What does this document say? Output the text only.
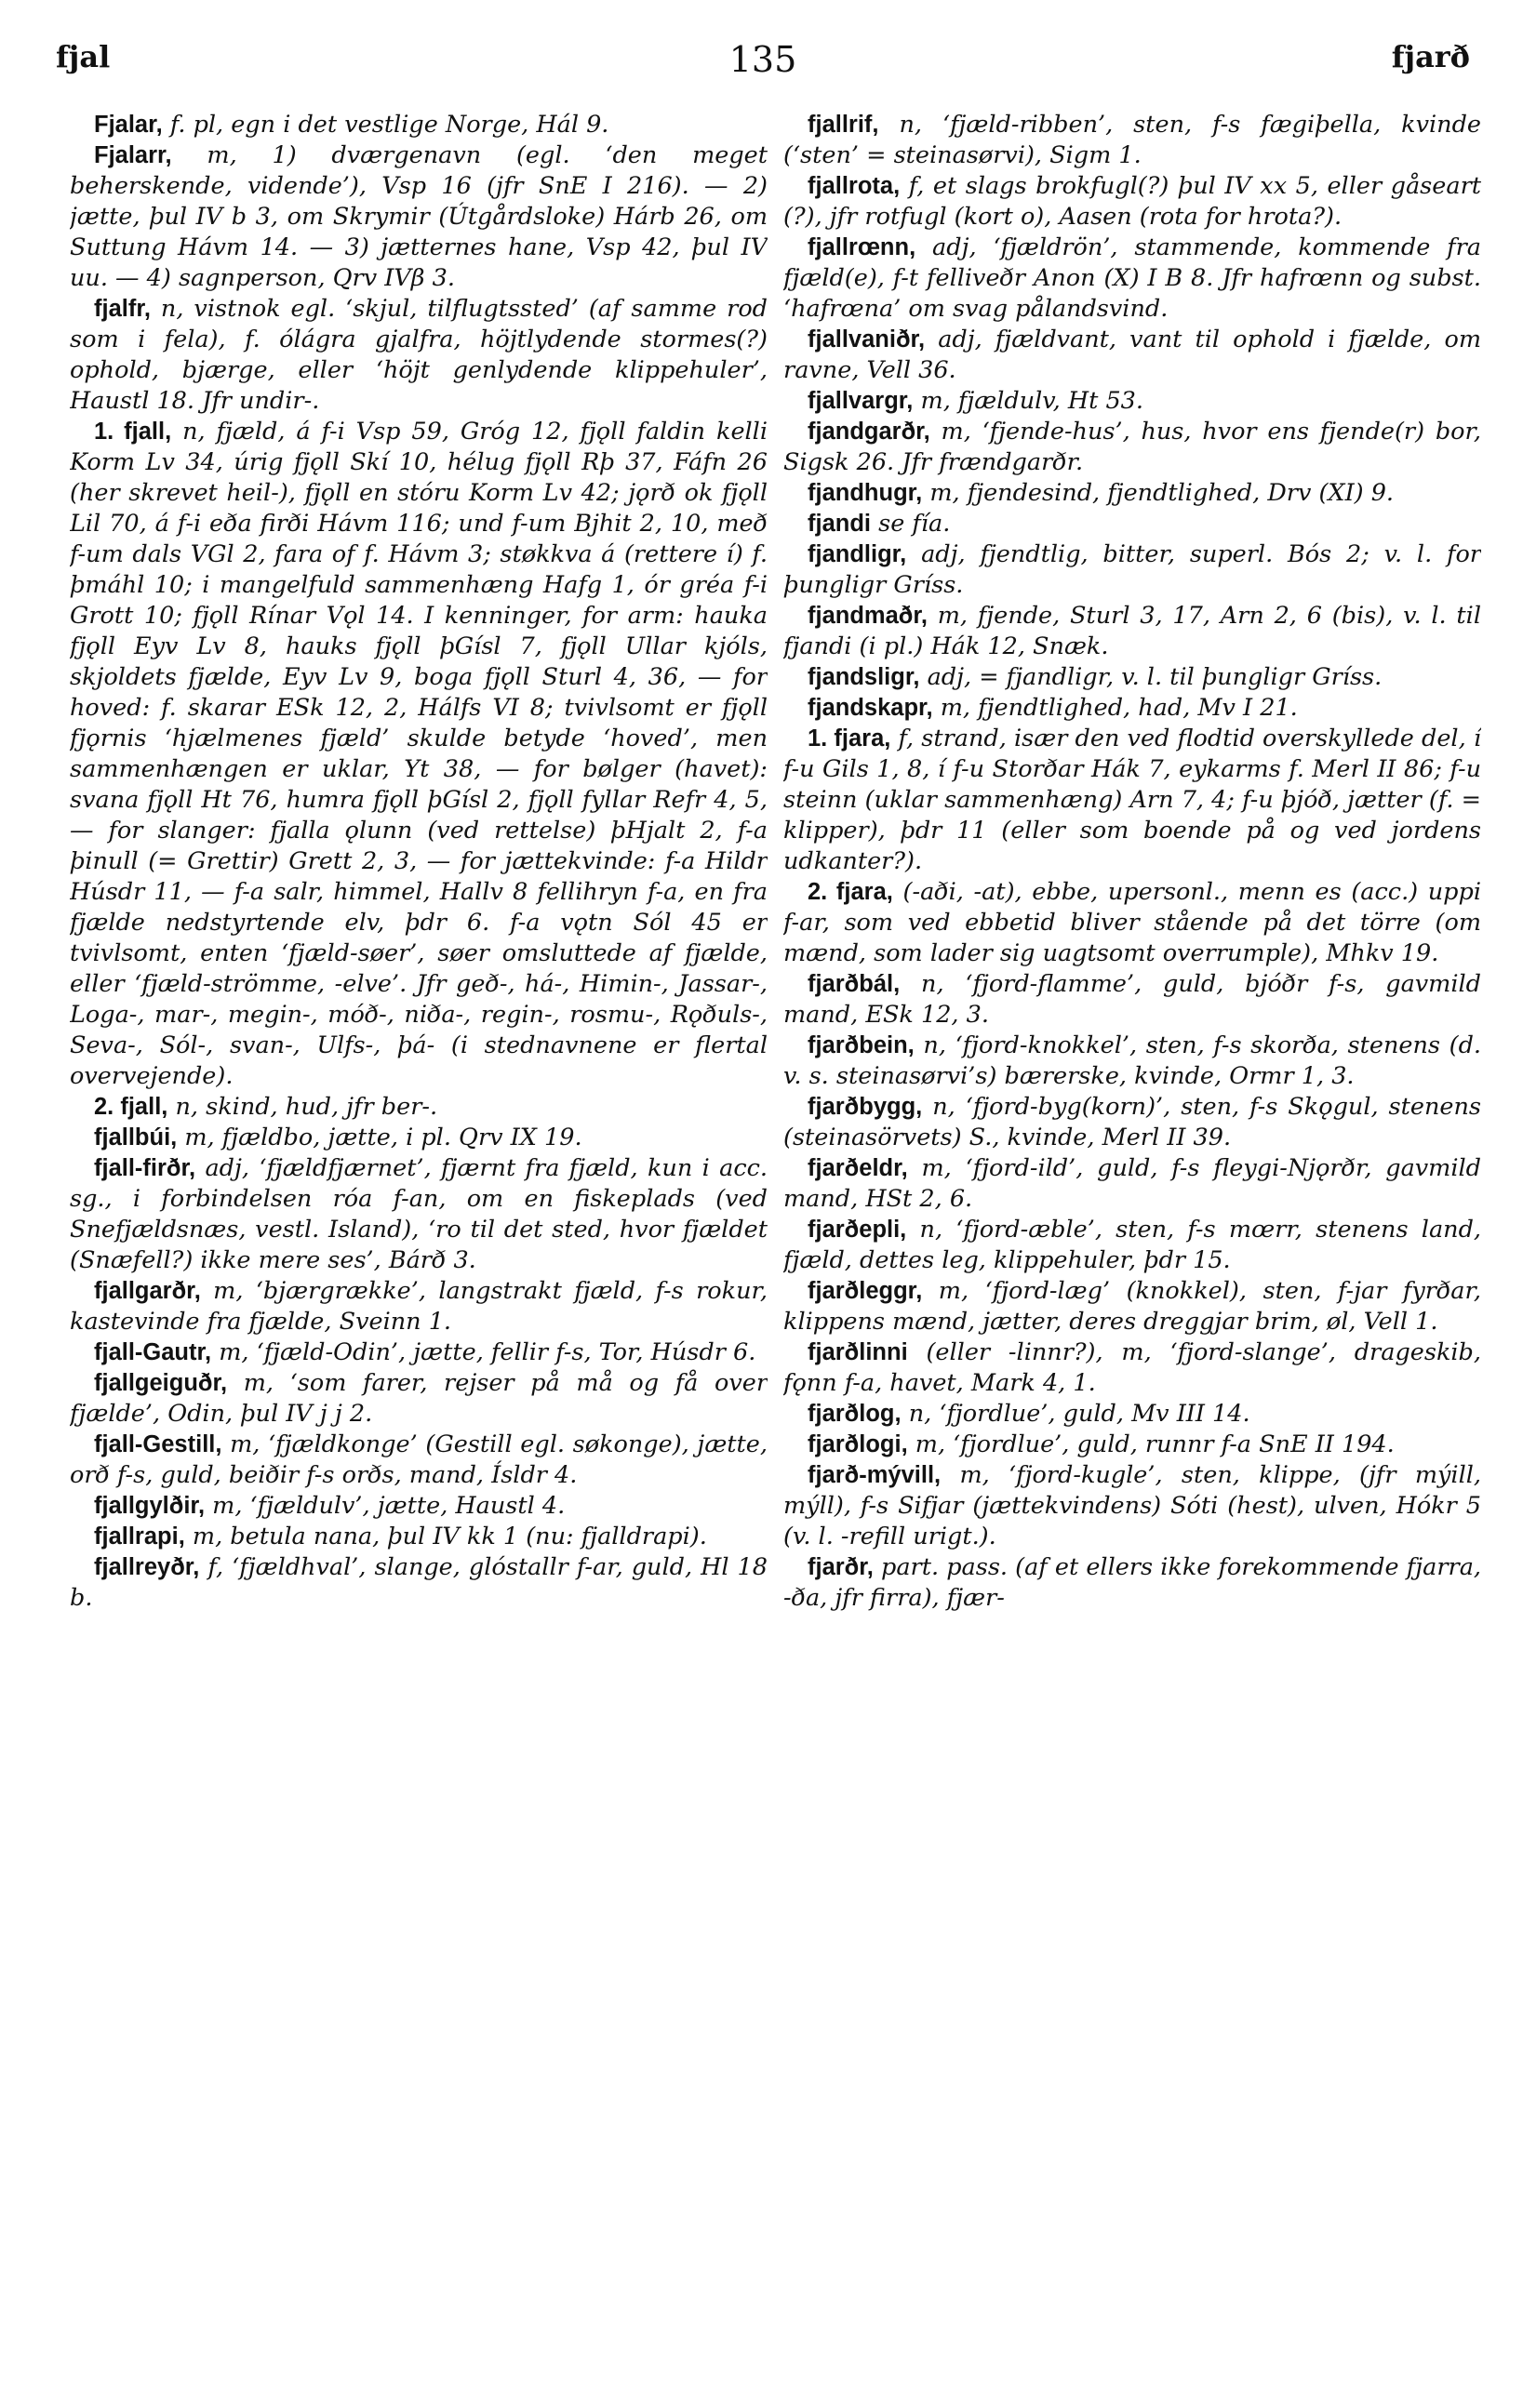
fjal	135	fjarð

Fjalar, f. pl, egn i det vestlige Norge, Hál 9.

Fjalarr, m, 1) dværgenavn (egl. ‘den meget beherskende, vidende’), Vsp 16 (jfr SnE I 216). — 2) jætte, þul IV b 3, om Skrymir (Útgårdsloke) Hárb 26, om Suttung Hávm 14. — 3) jætternes hane, Vsp 42, þul IV uu. — 4) sagnperson, Qrv IVβ 3.

fjalfr, n, vistnok egl. ‘skjul, tilflugtssted’ (af samme rod som i fela), f. ólágra gjalfra, höjtlydende stormes(?) ophold, bjærge, eller ‘höjt genlydende klippehuler’, Haustl 18. Jfr undir-.

1. fjall, n, fjæld, á f-i Vsp 59, Gróg 12, fjǫll faldin kelli Korm Lv 34, úrig fjǫll Skí 10, hélug fjǫll Rþ 37, Fáfn 26 (her skrevet heil-), fjǫll en stóru Korm Lv 42; jǫrð ok fjǫll Lil 70, á f-i eða firði Hávm 116; und f-um Bjhit 2, 10, með f-um dals VGl 2, fara of f. Hávm 3; støkkva á (rettere í) f. þmáhl 10; i mangelfuld sammenhæng Hafg 1, ór gréa f-i Grott 10; fjǫll Rínar Vǫl 14. I kenninger, for arm: hauka fjǫll Eyv Lv 8, hauks fjǫll þGísl 7, fjǫll Ullar kjóls, skjoldets fjælde, Eyv Lv 9, boga fjǫll Sturl 4, 36, — for hoved: f. skarar ESk 12, 2, Hálfs VI 8; tvivlsomt er fjǫll fjǫrnis ‘hjælmenes fjæld’ skulde betyde ‘hoved’, men sammenhængen er uklar, Yt 38, — for bølger (havet): svana fjǫll Ht 76, humra fjǫll þGísl 2, fjǫll fyllar Refr 4, 5, — for slanger: fjalla ǫlunn (ved rettelse) þHjalt 2, f-a þinull (= Grettir) Grett 2, 3, — for jættekvinde: f-a Hildr Húsdr 11, — f-a salr, himmel, Hallv 8 fellihryn f-a, en fra fjælde nedstyrtende elv, þdr 6. f-a vǫtn Sól 45 er tvivlsomt, enten ‘fjæld-søer’, søer omsluttede af fjælde, eller ‘fjæld-strömme, -elve’. Jfr geð-, há-, Himin-, Jassar-, Loga-, mar-, megin-, móð-, niða-, regin-, rosmu-, Rǫðuls-, Seva-, Sól-, svan-, Ulfs-, þá- (i stednavnene er flertal overvejende).

2. fjall, n, skind, hud, jfr ber-.

fjallbúi, m, fjældbo, jætte, i pl. Qrv IX 19.

fjall-firðr, adj, ‘fjældfjærnet’, fjærnt fra fjæld, kun i acc. sg., i forbindelsen róa f-an, om en fiskeplads (ved Snefjældsnæs, vestl. Island), ‘ro til det sted, hvor fjældet (Snæfell?) ikke mere ses’, Bárð 3.

fjallgarðr, m, ‘bjærgrække’, langstrakt fjæld, f-s rokur, kastevinde fra fjælde, Sveinn 1.

fjall-Gautr, m, ‘fjæld-Odin’, jætte, fellir f-s, Tor, Húsdr 6.

fjallgeiguðr, m, ‘som farer, rejser på må og få over fjælde’, Odin, þul IV j j 2.

fjall-Gestill, m, ‘fjældkonge’ (Gestill egl. søkonge), jætte, orð f-s, guld, beiðir f-s orðs, mand, Ísldr 4.

fjallgylðir, m, ‘fjældulv’, jætte, Haustl 4.

fjallrapi, m, betula nana, þul IV kk 1 (nu: fjalldrapi).

fjallreyðr, f, ‘fjældhval’, slange, glóstallr f-ar, guld, Hl 18 b.

fjallrif, n, ‘fjæld-ribben’, sten, f-s fægiþella, kvinde (‘sten’ = steinasørvi), Sigm 1.

fjallrota, f, et slags brokfugl(?) þul IV xx 5, eller gåseart (?), jfr rotfugl (kort o), Aasen (rota for hrota?).

fjallrœnn, adj, ‘fjældrön’, stammende, kommende fra fjæld(e), f-t felliveðr Anon (X) I B 8. Jfr hafrœnn og subst. ‘hafrœna’ om svag pålandsvind.

fjallvaniðr, adj, fjældvant, vant til ophold i fjælde, om ravne, Vell 36.

fjallvargr, m, fjældulv, Ht 53.

fjandgarðr, m, ‘fjende-hus’, hus, hvor ens fjende(r) bor, Sigsk 26. Jfr frændgarðr.

fjandhugr, m, fjendesind, fjendtlighed, Drv (XI) 9.

fjandi se fía.

fjandligr, adj, fjendtlig, bitter, superl. Bós 2; v. l. for þungligr Gríss.

fjandmaðr, m, fjende, Sturl 3, 17, Arn 2, 6 (bis), v. l. til fjandi (i pl.) Hák 12, Snæk.

fjandsligr, adj, = fjandligr, v. l. til þungligr Gríss.

fjandskapr, m, fjendtlighed, had, Mv I 21.

1. fjara, f, strand, især den ved flodtid overskyllede del, í f-u Gils 1, 8, í f-u Storðar Hák 7, eykarms f. Merl II 86; f-u steinn (uklar sammenhæng) Arn 7, 4; f-u þjóð, jætter (f. = klipper), þdr 11 (eller som boende på og ved jordens udkanter?).

2. fjara, (-aði, -at), ebbe, upersonl., menn es (acc.) uppi f-ar, som ved ebbetid bliver stående på det törre (om mænd, som lader sig uagtsomt overrumple), Mhkv 19.

fjarðbál, n, ‘fjord-flamme’, guld, bjóðr f-s, gavmild mand, ESk 12, 3.

fjarðbein, n, ‘fjord-knokkel’, sten, f-s skorða, stenens (d. v. s. steinasørvi’s) bærerske, kvinde, Ormr 1, 3.

fjarðbygg, n, ‘fjord-byg(korn)’, sten, f-s Skǫgul, stenens (steinasörvets) S., kvinde, Merl II 39.

fjarðeldr, m, ‘fjord-ild’, guld, f-s fleygi-Njǫrðr, gavmild mand, HSt 2, 6.

fjarðepli, n, ‘fjord-æble’, sten, f-s mœrr, stenens land, fjæld, dettes leg, klippehuler, þdr 15.

fjarðleggr, m, ‘fjord-læg’ (knokkel), sten, f-jar fyrðar, klippens mænd, jætter, deres dreggjar brim, øl, Vell 1.

fjarðlinni (eller -linnr?), m, ‘fjord-slange’, drageskib, fǫnn f-a, havet, Mark 4, 1.

fjarðlog, n, ‘fjordlue’, guld, Mv III 14.

fjarðlogi, m, ‘fjordlue’, guld, runnr f-a SnE II 194.

fjarð-mývill, m, ‘fjord-kugle’, sten, klippe, (jfr mýill, mýll), f-s Sifjar (jættekvindens) Sóti (hest), ulven, Hókr 5 (v. l. -refill urigt.).

fjarðr, part. pass. (af et ellers ikke forekommende fjarra, -ða, jfr firra), fjær-
